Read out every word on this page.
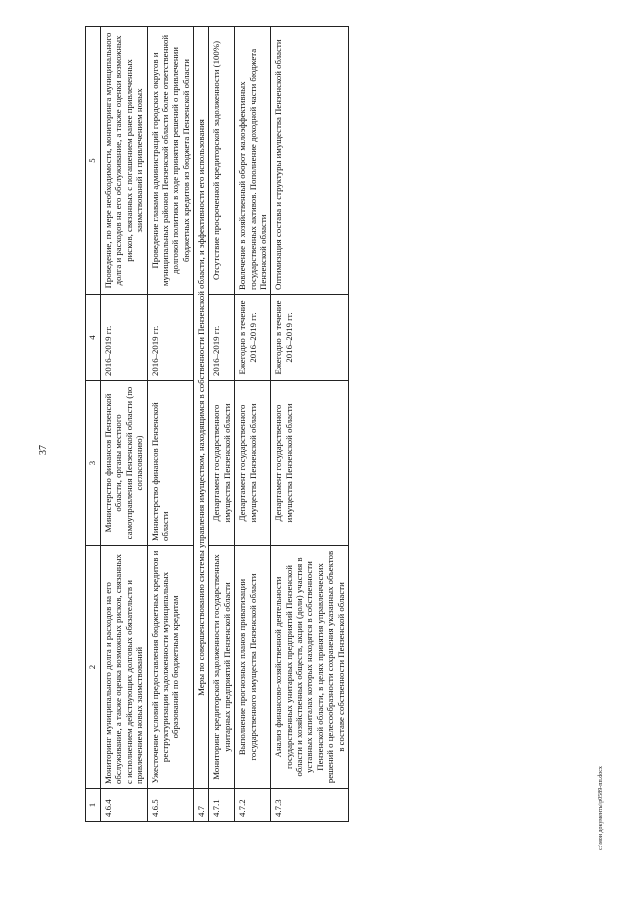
37
1	2	3	4	5
4.6.4	Мониторинг муниципального долга и расходов на его обслуживание, а также оценка возможных рисков, связанных с исполнением действующих долговых обязательств и привлечением новых заимствований	Министерство финансов Пензенской области, органы местного самоуправления Пензенской области (по согласованию)	2016–2019 гг.	Проведение, по мере необходимости, мониторинга муниципального долга и расходов на его обслуживание, а также оценки возможных рисков, связанных с погашением ранее привлеченных заимствований и привлечением новых
4.6.5	Ужесточение условий предоставления бюджетных кредитов и реструктуризации задолженности муниципальных образований по бюджетным кредитам	Министерство финансов Пензенской области	2016–2019 гг.	Проведение главами администраций городских округов и муниципальных районов Пензенской области более ответственной долговой политики в ходе принятия решений о привлечении бюджетных кредитов из бюджета Пензенской области
4.7	Меры по совершенствованию системы управления имуществом, находящимся в собственности Пензенской области, и эффективности его использования			
4.7.1	Мониторинг кредиторской задолженности государственных унитарных предприятий Пензенской области	Департамент государственного имущества Пензенской области	2016–2019 гг.	Отсутствие просроченной кредиторской задолженности (100%)
4.7.2	Выполнение прогнозных планов приватизации государственного имущества Пензенской области	Департамент государственного имущества Пензенской области	Ежегодно в течение 2016–2019 гг.	Вовлечение в хозяйственный оборот малоэффективных государственных активов. Пополнение доходной части бюджета Пензенской области
4.7.3	Анализ финансово-хозяйственной деятельности государственных унитарных предприятий Пензенской области и хозяйственных обществ, акции (доли) участия в уставных капиталах которых находятся в собственности Пензенской области, в целях принятия управленческих решений о целесообразности сохранения указанных объектов в составе собственности Пензенской области	Департамент государственного имущества Пензенской области	Ежегодно в течение 2016–2019 гг.	Оптимизация состава и структуры имущества Пензенской области
c:\мои документы\p0589-пп.docx
